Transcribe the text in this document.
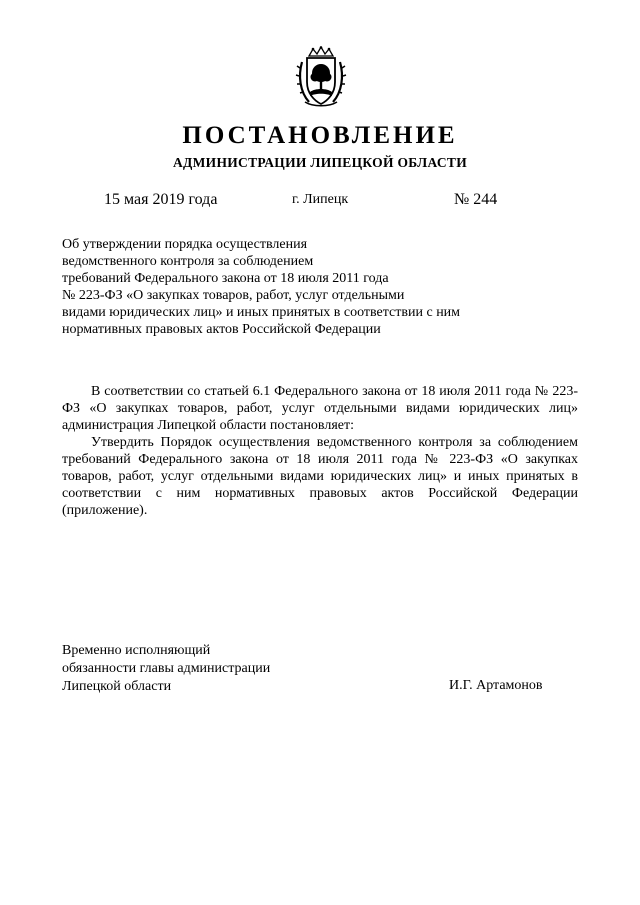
ПОСТАНОВЛЕНИЕ
АДМИНИСТРАЦИИ ЛИПЕЦКОЙ ОБЛАСТИ
15 мая 2019 года	г. Липецк	№ 244
Об утверждении порядка осуществления
ведомственного контроля за соблюдением
требований Федерального закона от 18 июля 2011 года
№ 223-ФЗ «О закупках товаров, работ, услуг отдельными
видами юридических лиц» и иных принятых в соответствии с ним
нормативных правовых актов Российской Федерации

В соответствии со статьей 6.1 Федерального закона от 18 июля 2011 года № 223-ФЗ «О закупках товаров, работ, услуг отдельными видами юридических лиц» администрация Липецкой области постановляет:

Утвердить Порядок осуществления ведомственного контроля за соблюдением требований Федерального закона от 18 июля 2011 года № 223-ФЗ «О закупках товаров, работ, услуг отдельными видами юридических лиц» и иных принятых в соответствии с ним нормативных правовых актов Российской Федерации (приложение).

Временно исполняющий
обязанности главы администрации
Липецкой области	И.Г. Артамонов
